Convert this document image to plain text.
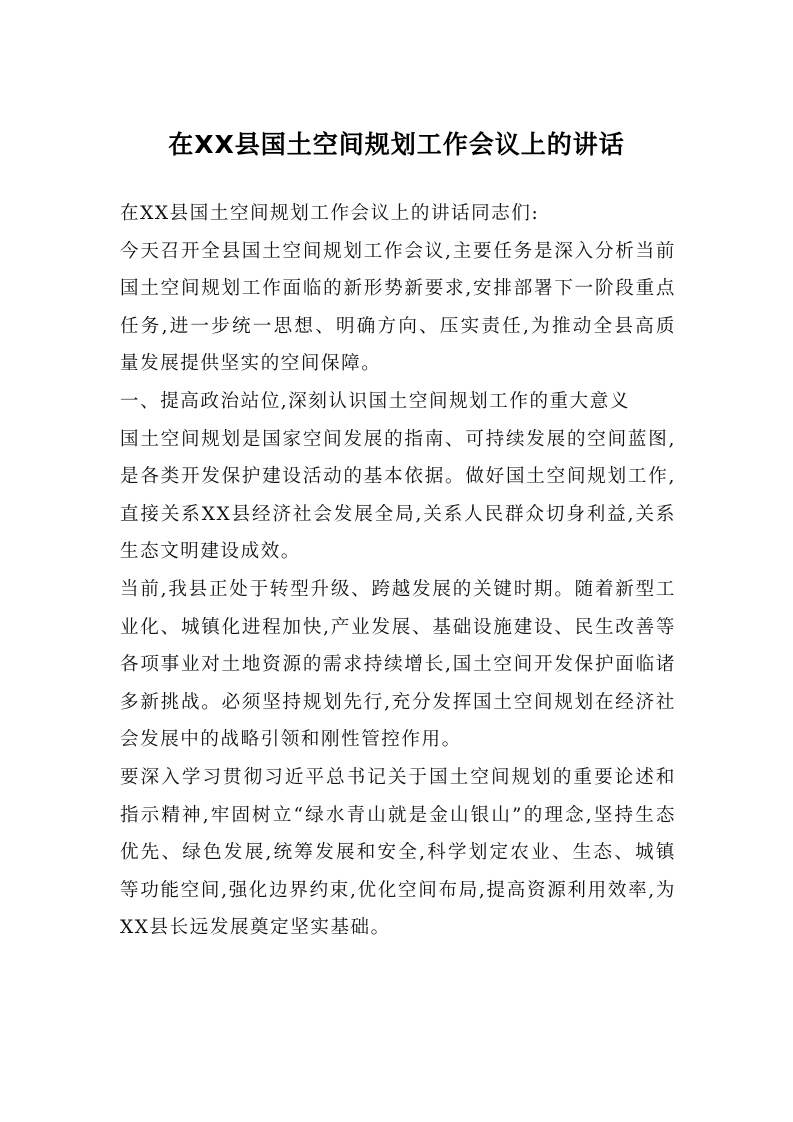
在XX县国土空间规划工作会议上的讲话

在XX县国土空间规划工作会议上的讲话同志们:

今天召开全县国土空间规划工作会议,主要任务是深入分析当前国土空间规划工作面临的新形势新要求,安排部署下一阶段重点任务,进一步统一思想、明确方向、压实责任,为推动全县高质量发展提供坚实的空间保障。

一、提高政治站位,深刻认识国土空间规划工作的重大意义

国土空间规划是国家空间发展的指南、可持续发展的空间蓝图,是各类开发保护建设活动的基本依据。做好国土空间规划工作,直接关系XX县经济社会发展全局,关系人民群众切身利益,关系生态文明建设成效。

当前,我县正处于转型升级、跨越发展的关键时期。随着新型工业化、城镇化进程加快,产业发展、基础设施建设、民生改善等各项事业对土地资源的需求持续增长,国土空间开发保护面临诸多新挑战。必须坚持规划先行,充分发挥国土空间规划在经济社会发展中的战略引领和刚性管控作用。

要深入学习贯彻习近平总书记关于国土空间规划的重要论述和指示精神,牢固树立“绿水青山就是金山银山”的理念,坚持生态优先、绿色发展,统筹发展和安全,科学划定农业、生态、城镇等功能空间,强化边界约束,优化空间布局,提高资源利用效率,为XX县长远发展奠定坚实基础。
